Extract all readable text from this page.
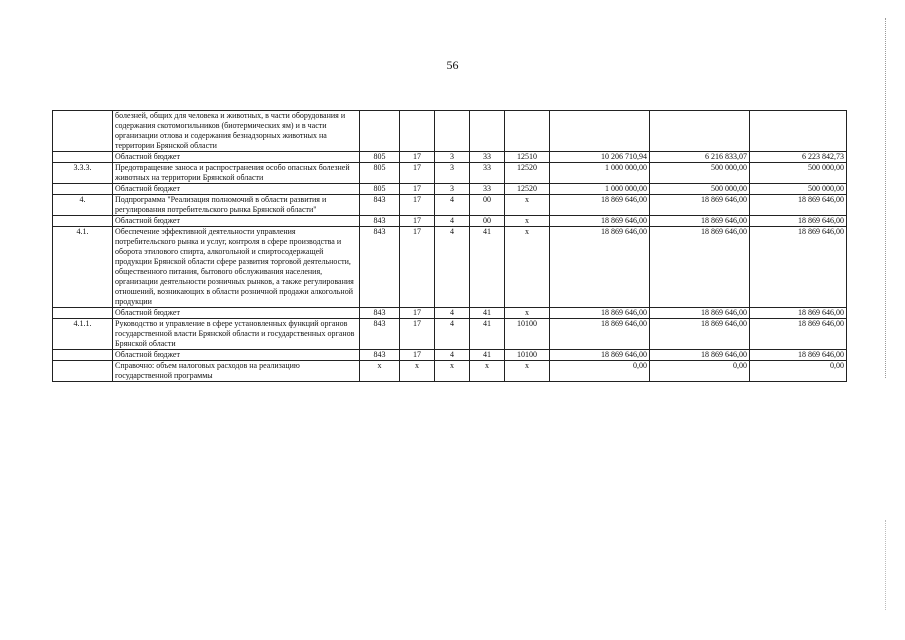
56
	болезней, общих для человека и животных, в части оборудования и содержания скотомогильников (биотермических ям) и в части организации отлова и содержания безнадзорных животных на территории Брянской области								
	Областной бюджет	805	17	3	33	12510	10 206 710,94	6 216 833,07	6 223 842,73
3.3.3.	Предотвращение заноса и распространения особо опасных болезней животных на территории Брянской области	805	17	3	33	12520	1 000 000,00	500 000,00	500 000,00
	Областной бюджет	805	17	3	33	12520	1 000 000,00	500 000,00	500 000,00
4.	Подпрограмма "Реализация полномочий в области развития и регулирования потребительского рынка Брянской области"	843	17	4	00	x	18 869 646,00	18 869 646,00	18 869 646,00
	Областной бюджет	843	17	4	00	x	18 869 646,00	18 869 646,00	18 869 646,00
4.1.	Обеспечение эффективной деятельности управления потребительского рынка и услуг, контроля в сфере производства и оборота этилового спирта, алкогольной и спиртосодержащей продукции Брянской области сфере развития торговой деятельности, общественного питания, бытового обслуживания населения, организации деятельности розничных рынков, а также регулирования отношений, возникающих в области розничной продажи алкогольной продукции	843	17	4	41	x	18 869 646,00	18 869 646,00	18 869 646,00
	Областной бюджет	843	17	4	41	x	18 869 646,00	18 869 646,00	18 869 646,00
4.1.1.	Руководство и управление в сфере установленных функций органов государственной власти Брянской области и государственных органов Брянской области	843	17	4	41	10100	18 869 646,00	18 869 646,00	18 869 646,00
	Областной бюджет	843	17	4	41	10100	18 869 646,00	18 869 646,00	18 869 646,00
	Справочно: объем налоговых расходов на реализацию государственной программы	x	x	x	x	x	0,00	0,00	0,00
